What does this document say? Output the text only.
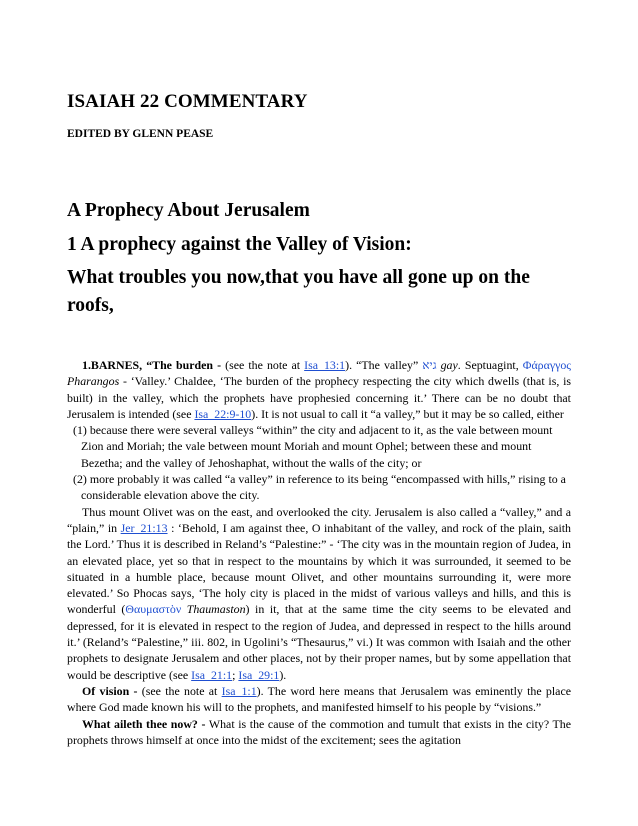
ISAIAH 22 COMMENTARY
EDITED BY GLENN PEASE
A Prophecy About Jerusalem
1 A prophecy against the Valley of Vision:
What troubles you now,that you have all gone up on the roofs,

1.BARNES, “The burden - (see the note at Isa_13:1). “The valley” גיא gay. Septuagint, Φάραγγος Pharangos - ‘Valley.’ Chaldee, ‘The burden of the prophecy respecting the city which dwells (that is, is built) in the valley, which the prophets have prophesied concerning it.’ There can be no doubt that Jerusalem is intended (see Isa_22:9-10). It is not usual to call it “a valley,” but it may be so called, either

(1) because there were several valleys “within” the city and adjacent to it, as the vale between mount Zion and Moriah; the vale between mount Moriah and mount Ophel; between these and mount Bezetha; and the valley of Jehoshaphat, without the walls of the city; or

(2) more probably it was called “a valley” in reference to its being “encompassed with hills,” rising to a considerable elevation above the city.

Thus mount Olivet was on the east, and overlooked the city. Jerusalem is also called a “valley,” and a “plain,” in Jer_21:13 : ‘Behold, I am against thee, O inhabitant of the valley, and rock of the plain, saith the Lord.’ Thus it is described in Reland’s “Palestine:” - ‘The city was in the mountain region of Judea, in an elevated place, yet so that in respect to the mountains by which it was surrounded, it seemed to be situated in a humble place, because mount Olivet, and other mountains surrounding it, were more elevated.’ So Phocas says, ‘The holy city is placed in the midst of various valleys and hills, and this is wonderful (Θαυμαστὸν Thaumaston) in it, that at the same time the city seems to be elevated and depressed, for it is elevated in respect to the region of Judea, and depressed in respect to the hills around it.’ (Reland’s “Palestine,” iii. 802, in Ugolini’s “Thesaurus,” vi.) It was common with Isaiah and the other prophets to designate Jerusalem and other places, not by their proper names, but by some appellation that would be descriptive (see Isa_21:1; Isa_29:1).

Of vision - (see the note at Isa_1:1). The word here means that Jerusalem was eminently the place where God made known his will to the prophets, and manifested himself to his people by “visions.”

What aileth thee now? - What is the cause of the commotion and tumult that exists in the city? The prophets throws himself at once into the midst of the excitement; sees the agitation
